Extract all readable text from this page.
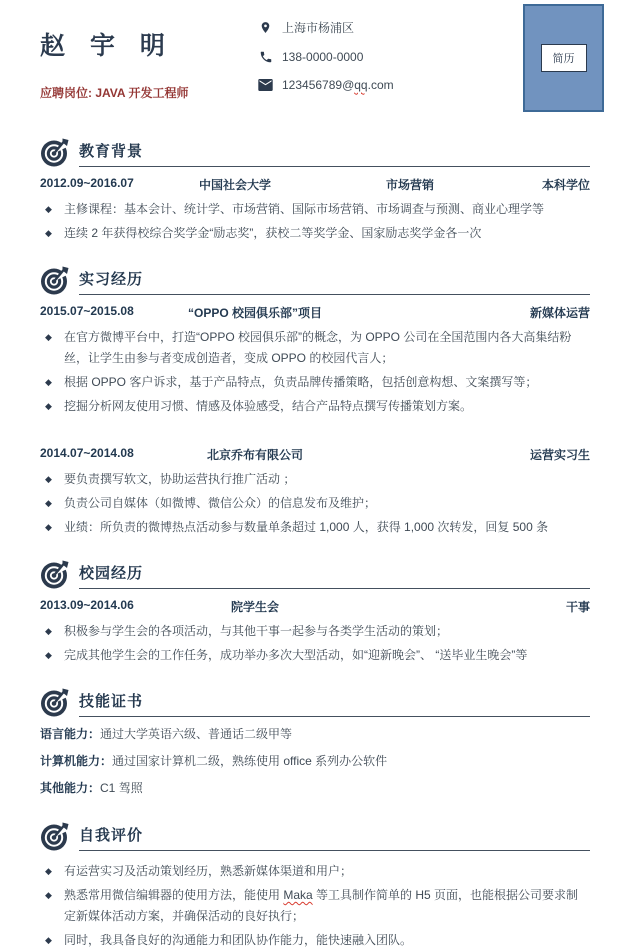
赵 宇 明
应聘岗位: JAVA 开发工程师
上海市杨浦区
138-0000-0000
123456789@qq.com
简历
教育背景
2012.09~2016.07	中国社会大学	市场营销	本科学位
◆	主修课程：基本会计、统计学、市场营销、国际市场营销、市场调查与预测、商业心理学等

◆	连续 2 年获得校综合奖学金“励志奖”，获校二等奖学金、国家励志奖学金各一次

实习经历
2015.07~2015.08	“OPPO 校园俱乐部”项目	新媒体运营
◆	在官方微博平台中，打造“OPPO 校园俱乐部”的概念，为 OPPO 公司在全国范围内各大高集结粉丝，让学生由参与者变成创造者，变成 OPPO 的校园代言人；

◆	根据 OPPO 客户诉求，基于产品特点，负责品牌传播策略，包括创意构想、文案撰写等；

◆	挖掘分析网友使用习惯、情感及体验感受，结合产品特点撰写传播策划方案。

2014.07~2014.08	北京乔布有限公司	运营实习生
◆	要负责撰写软文，协助运营执行推广活动 ；

◆	负责公司自媒体（如微博、微信公众）的信息发布及维护；

◆	业绩：所负责的微博热点活动参与数量单条超过 1,000 人，获得 1,000 次转发，回复 500 条

校园经历
2013.09~2014.06	院学生会	干事
◆	积极参与学生会的各项活动，与其他干事一起参与各类学生活动的策划；

◆	完成其他学生会的工作任务，成功举办多次大型活动，如“迎新晚会”、 “送毕业生晚会”等

技能证书
语言能力：通过大学英语六级、普通话二级甲等
计算机能力：通过国家计算机二级，熟练使用 office 系列办公软件
其他能力：C1 驾照
自我评价
◆	有运营实习及活动策划经历，熟悉新媒体渠道和用户；

◆	熟悉常用微信编辑器的使用方法，能使用 Maka 等工具制作简单的 H5 页面，也能根据公司要求制定新媒体活动方案，并确保活动的良好执行；

◆	同时，我具备良好的沟通能力和团队协作能力，能快速融入团队。
